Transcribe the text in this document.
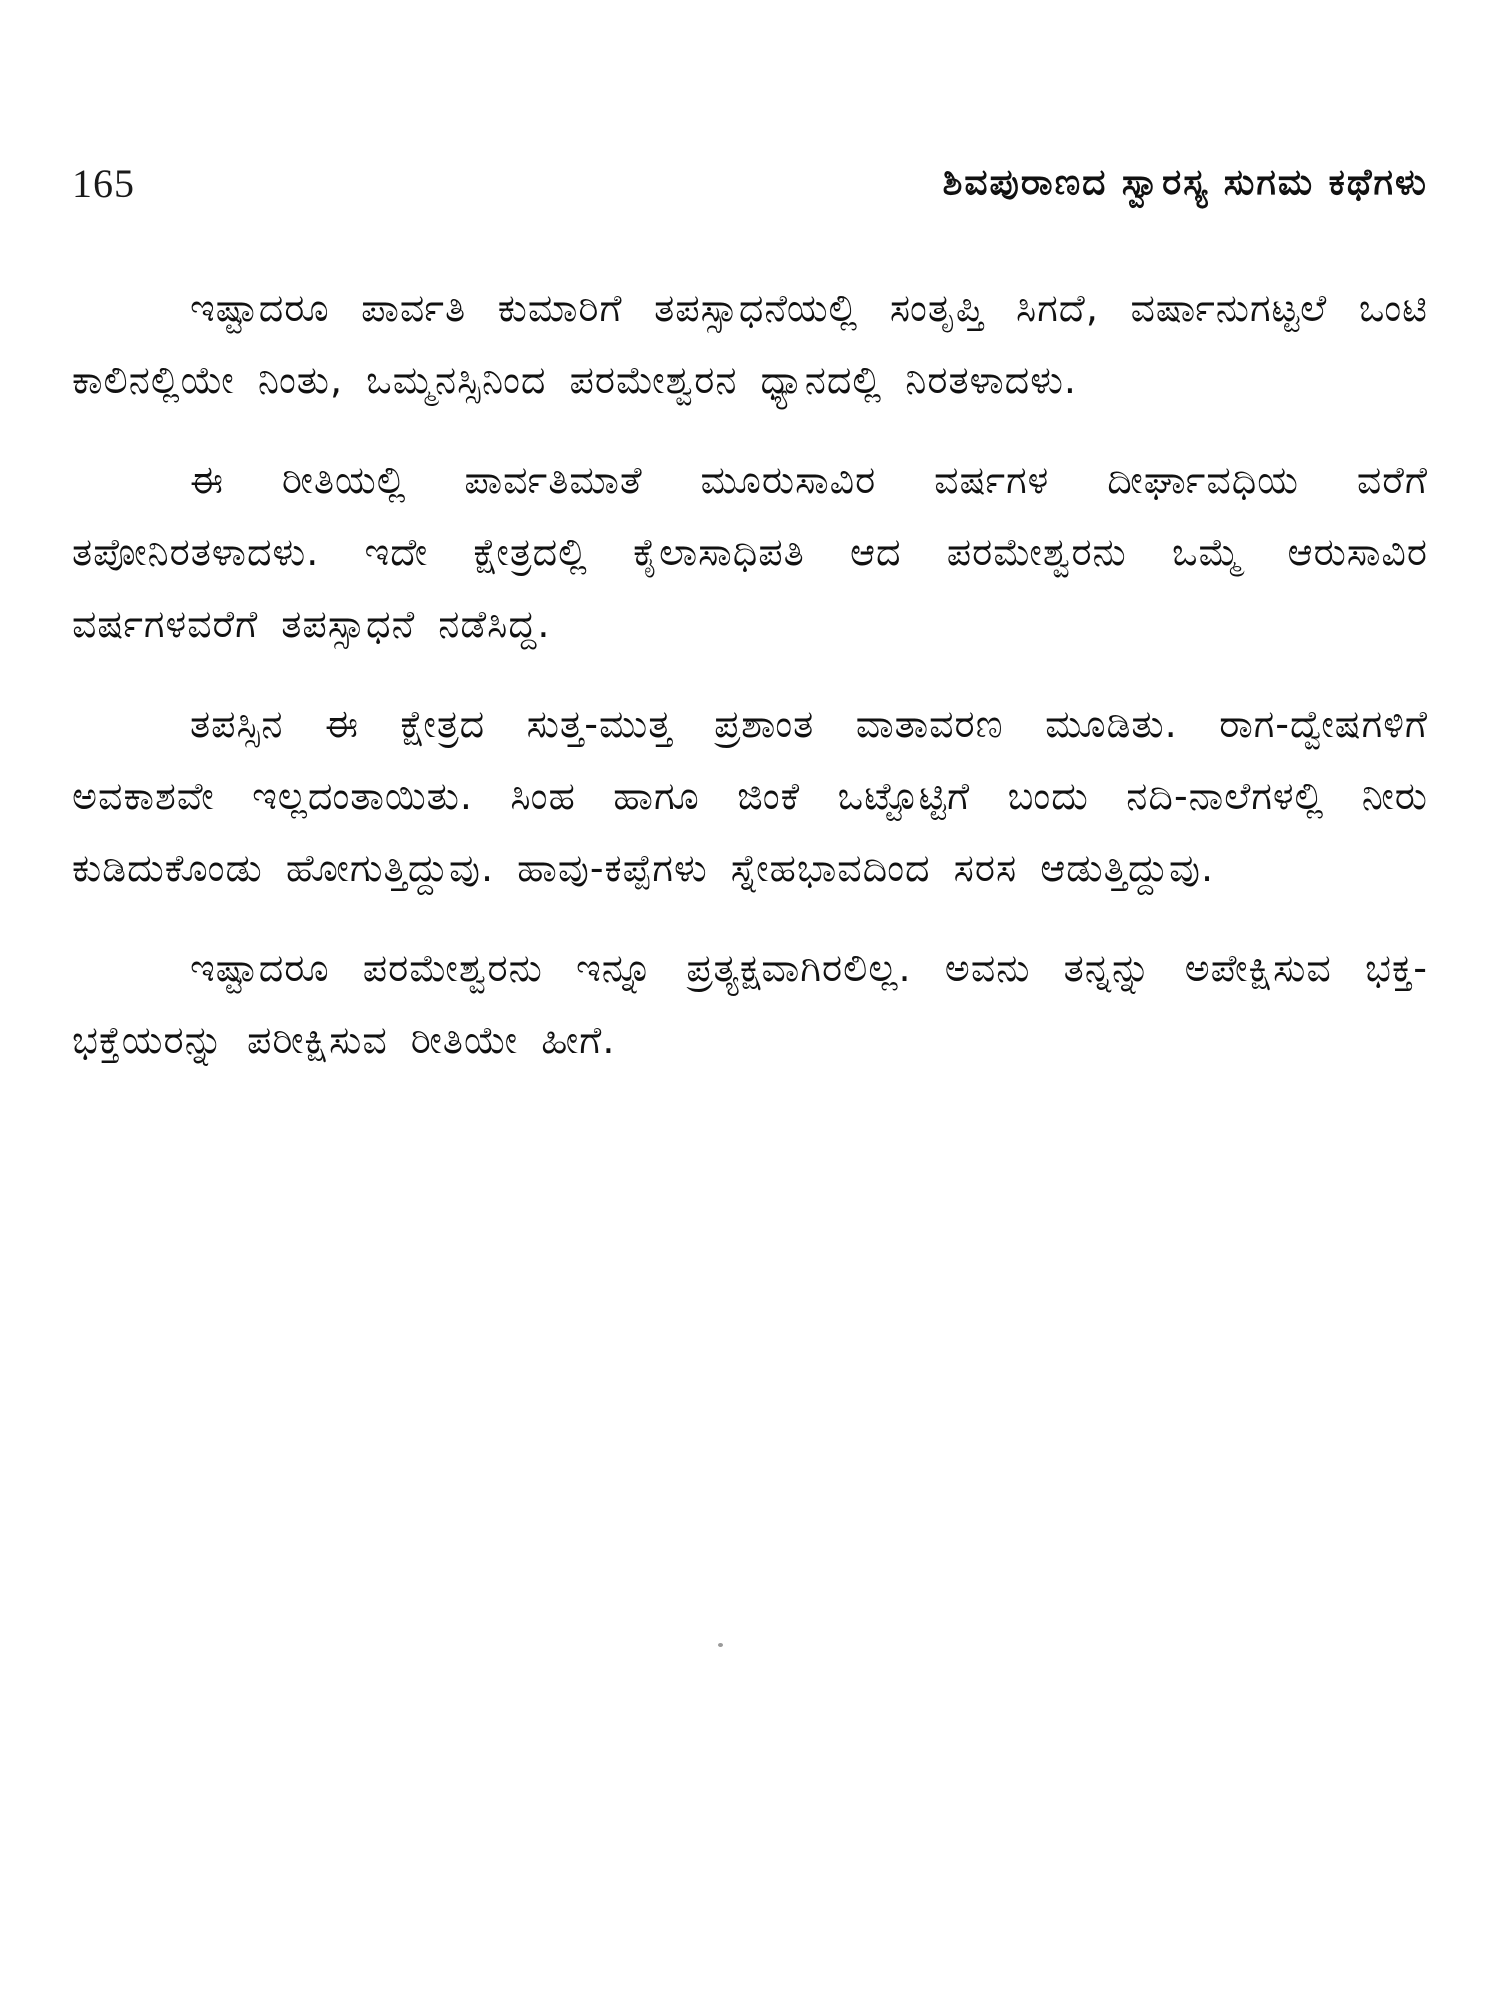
165	ಶಿವಪುರಾಣದ ಸ್ವಾರಸ್ಯ ಸುಗಮ ಕಥೆಗಳು

ಇಷ್ಟಾದರೂ ಪಾರ್ವತಿ ಕುಮಾರಿಗೆ ತಪಸ್ಸಾಧನೆಯಲ್ಲಿ ಸಂತೃಪ್ತಿ ಸಿಗದೆ, ವರ್ಷಾನುಗಟ್ಟಲೆ ಒಂಟಿ ಕಾಲಿನಲ್ಲಿಯೇ ನಿಂತು, ಒಮ್ಮನಸ್ಸಿನಿಂದ ಪರಮೇಶ್ವರನ ಧ್ಯಾನದಲ್ಲಿ ನಿರತಳಾದಳು.

ಈ ರೀತಿಯಲ್ಲಿ ಪಾರ್ವತಿಮಾತೆ ಮೂರುಸಾವಿರ ವರ್ಷಗಳ ದೀರ್ಘಾವಧಿಯ ವರೆಗೆ ತಪೋನಿರತಳಾದಳು. ಇದೇ ಕ್ಷೇತ್ರದಲ್ಲಿ ಕೈಲಾಸಾಧಿಪತಿ ಆದ ಪರಮೇಶ್ವರನು ಒಮ್ಮೆ ಆರುಸಾವಿರ ವರ್ಷಗಳವರೆಗೆ ತಪಸ್ಸಾಧನೆ ನಡೆಸಿದ್ದ.

ತಪಸ್ಸಿನ ಈ ಕ್ಷೇತ್ರದ ಸುತ್ತ-ಮುತ್ತ ಪ್ರಶಾಂತ ವಾತಾವರಣ ಮೂಡಿತು. ರಾಗ-ದ್ವೇಷಗಳಿಗೆ ಅವಕಾಶವೇ ಇಲ್ಲದಂತಾಯಿತು. ಸಿಂಹ ಹಾಗೂ ಜಿಂಕೆ ಒಟ್ಟೊಟ್ಟಿಗೆ ಬಂದು ನದಿ-ನಾಲೆಗಳಲ್ಲಿ ನೀರು ಕುಡಿದುಕೊಂಡು ಹೋಗುತ್ತಿದ್ದುವು. ಹಾವು-ಕಪ್ಪೆಗಳು ಸ್ನೇಹಭಾವದಿಂದ ಸರಸ ಆಡುತ್ತಿದ್ದುವು.

ಇಷ್ಟಾದರೂ ಪರಮೇಶ್ವರನು ಇನ್ನೂ ಪ್ರತ್ಯಕ್ಷವಾಗಿರಲಿಲ್ಲ. ಅವನು ತನ್ನನ್ನು ಅಪೇಕ್ಷಿಸುವ ಭಕ್ತ-ಭಕ್ತೆಯರನ್ನು ಪರೀಕ್ಷಿಸುವ ರೀತಿಯೇ ಹೀಗೆ.
